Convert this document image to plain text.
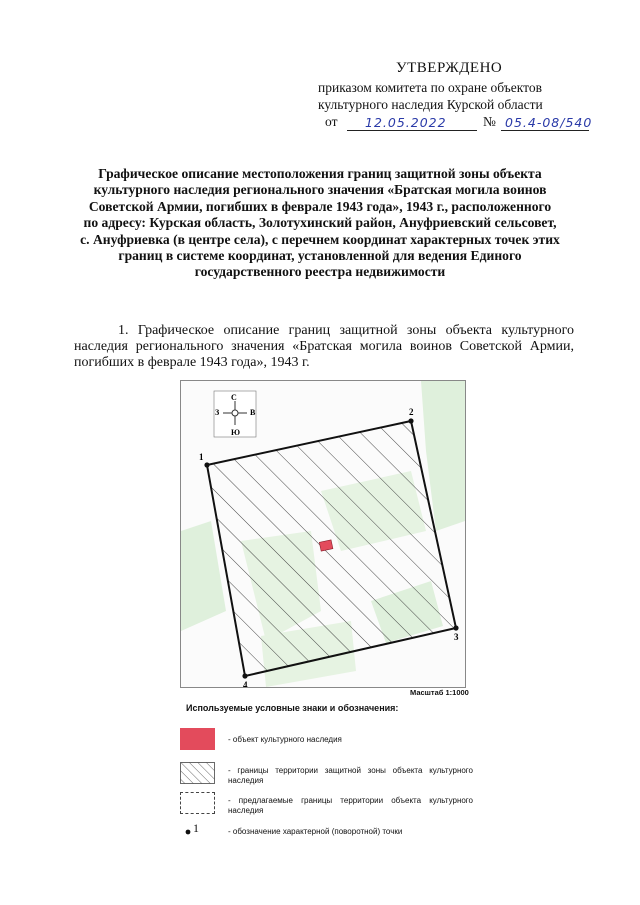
УТВЕРЖДЕНО
приказом комитета по охране объектов
культурного наследия Курской области
от 12.05.2022	№ 05.4-08/540
Графическое описание местоположения границ защитной зоны объекта культурного наследия регионального значения «Братская могила воинов Советской Армии, погибших в феврале 1943 года», 1943 г., расположенного по адресу: Курская область, Золотухинский район, Ануфриевский сельсовет, с. Ануфриевка (в центре села), с перечнем координат характерных точек этих границ в системе координат, установленной для ведения Единого государственного реестра недвижимости
1. Графическое описание границ защитной зоны объекта культурного наследия регионального значения «Братская могила воинов Советской Армии, погибших в феврале 1943 года», 1943 г.
С
Ю
З	В
1
2
3
4
Масштаб 1:1000
Используемые условные знаки и обозначения:
- объект культурного наследия
- границы территории защитной зоны объекта культурного наследия
- предлагаемые границы территории объекта культурного наследия
1	- обозначение характерной (поворотной) точки
